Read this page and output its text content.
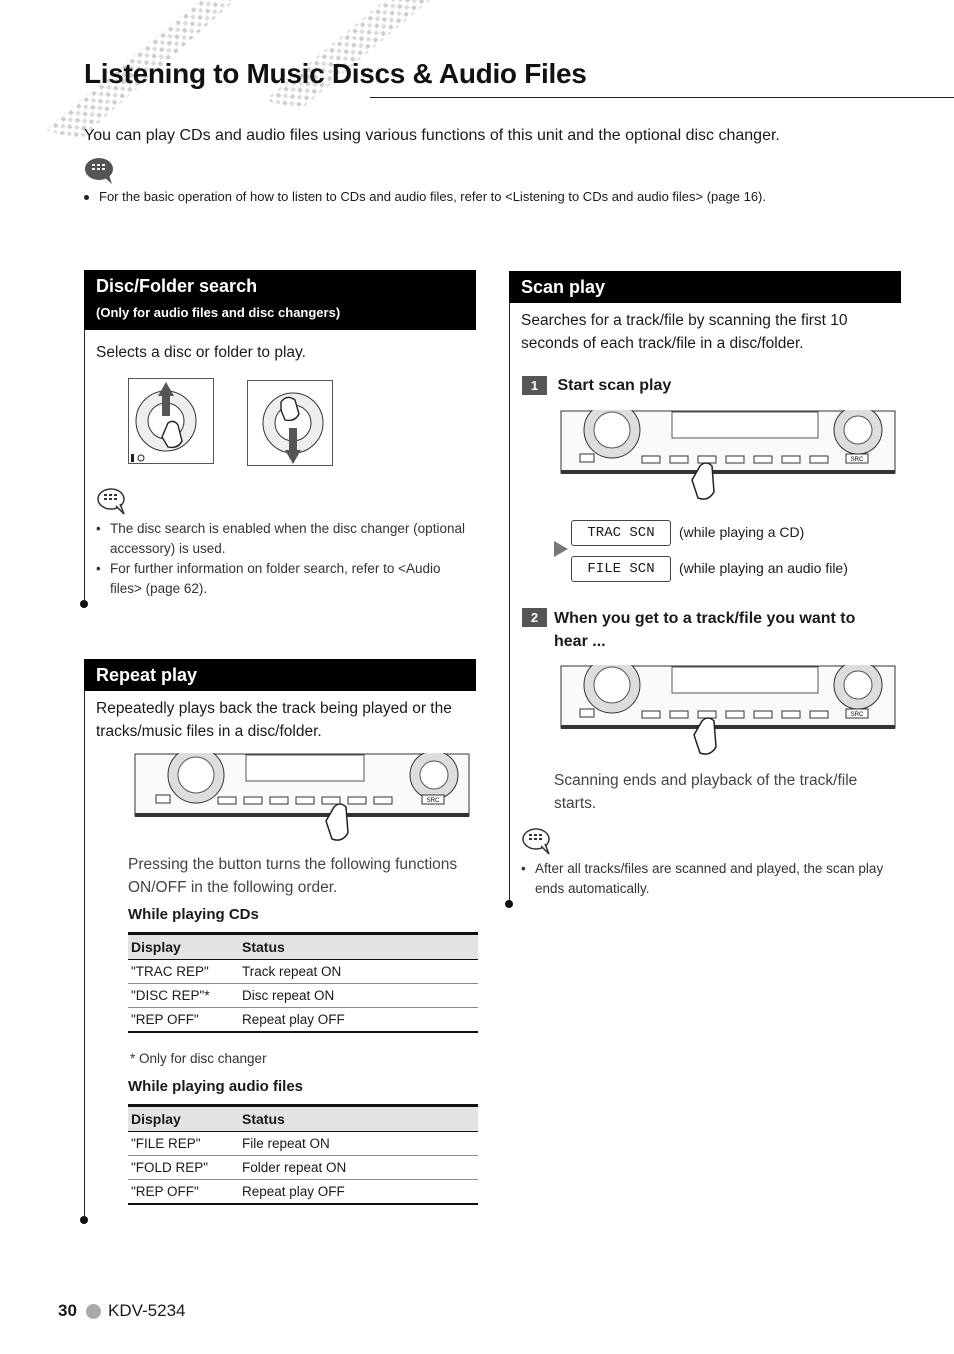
Listening to Music Discs & Audio Files
You can play CDs and audio files using various functions of this unit and the optional disc changer.
For the basic operation of how to listen to CDs and audio files, refer to <Listening to CDs and audio files> (page 16).
Disc/Folder search
(Only for audio files and disc changers)
Selects a disc or folder to play.
• The disc search is enabled when the disc changer (optional accessory) is used.
• For further information on folder search, refer to <Audio files> (page 62).
Repeat play
Repeatedly plays back the track being played or the tracks/music files in a disc/folder.
SRC
Pressing the button turns the following functions ON/OFF in the following order.
While playing CDs
Display	Status
"TRAC REP"	Track repeat ON
"DISC REP"*	Disc repeat ON
"REP OFF"	Repeat play OFF
* Only for disc changer
While playing audio files
Display	Status
"FILE REP"	File repeat ON
"FOLD REP"	Folder repeat ON
"REP OFF"	Repeat play OFF
Scan play
Searches for a track/file by scanning the first 10 seconds of each track/file in a disc/folder.
1 Start scan play
SRC
TRAC SCN	(while playing a CD)
FILE SCN	(while playing an audio file)
2 When you get to a track/file you want to hear ...
SRC
Scanning ends and playback of the track/file starts.
• After all tracks/files are scanned and played, the scan play ends automatically.
30 KDV-5234
